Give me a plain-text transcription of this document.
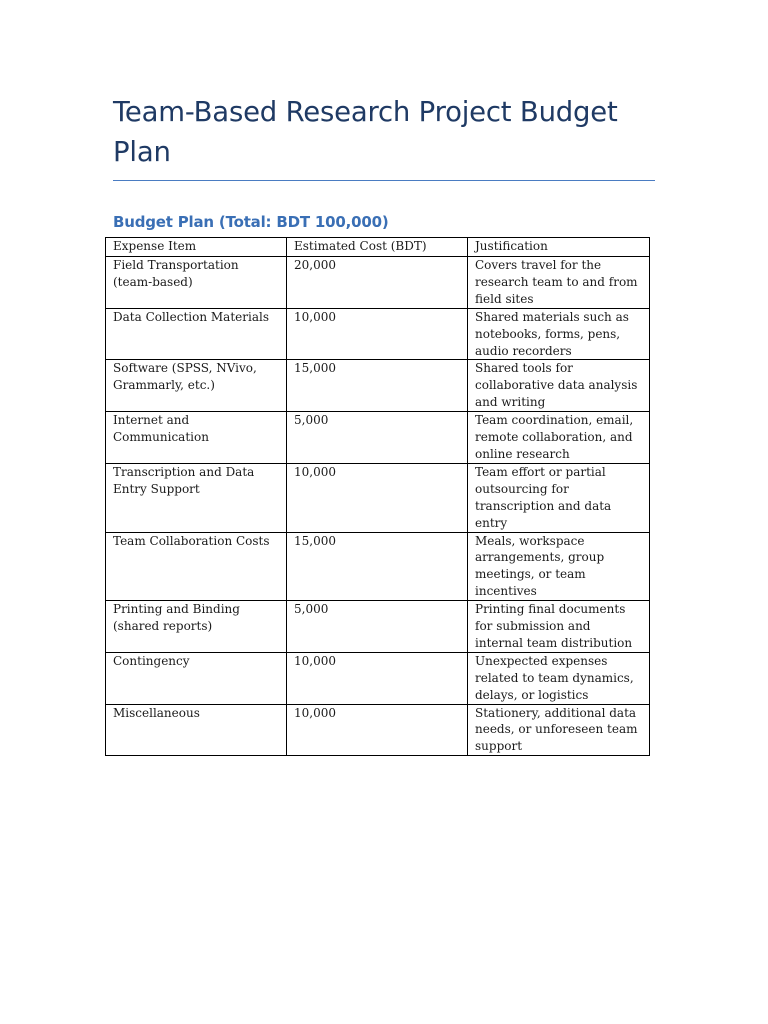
Team-Based Research Project Budget Plan
Budget Plan (Total: BDT 100,000)
Expense Item	Estimated Cost (BDT)	Justification
Field Transportation (team-based)	20,000	Covers travel for the research team to and from field sites
Data Collection Materials	10,000	Shared materials such as notebooks, forms, pens, audio recorders
Software (SPSS, NVivo, Grammarly, etc.)	15,000	Shared tools for collaborative data analysis and writing
Internet and Communication	5,000	Team coordination, email, remote collaboration, and online research
Transcription and Data Entry Support	10,000	Team effort or partial outsourcing for transcription and data entry
Team Collaboration Costs	15,000	Meals, workspace arrangements, group meetings, or team incentives
Printing and Binding (shared reports)	5,000	Printing final documents for submission and internal team distribution
Contingency	10,000	Unexpected expenses related to team dynamics, delays, or logistics
Miscellaneous	10,000	Stationery, additional data needs, or unforeseen team support
